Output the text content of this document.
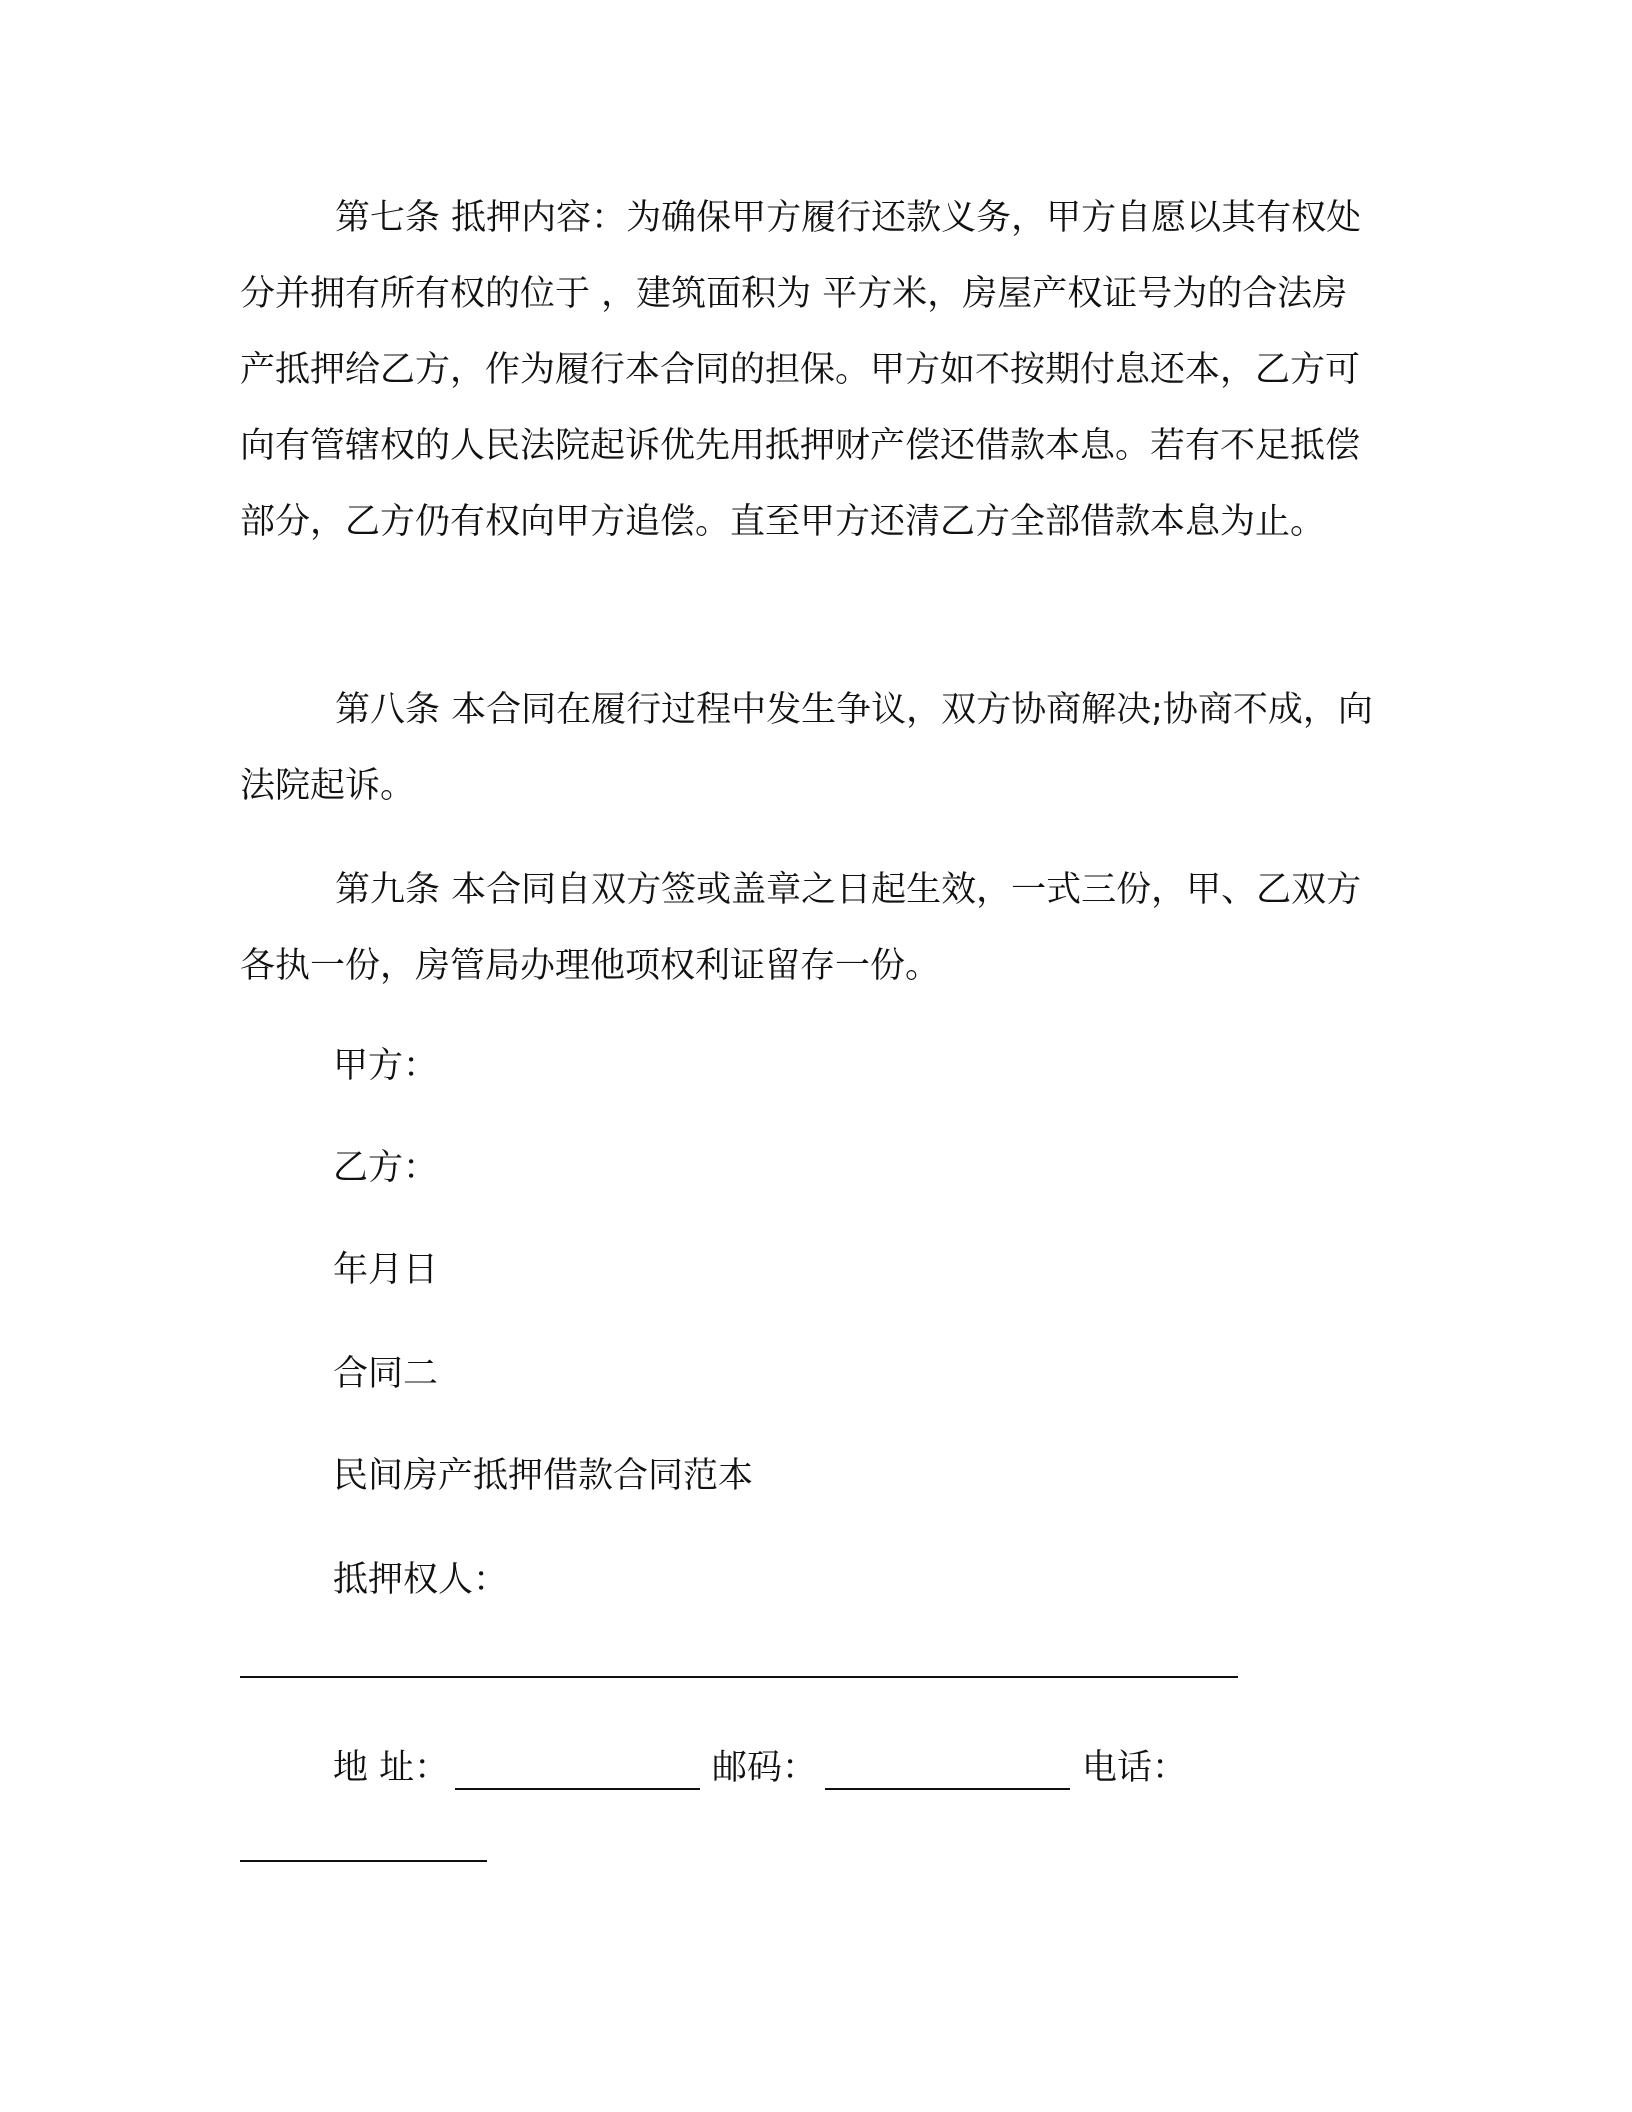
第七条 抵押内容：为确保甲方履行还款义务，甲方自愿以其有权处分并拥有所有权的位于 ，建筑面积为 平方米，房屋产权证号为的合法房产抵押给乙方，作为履行本合同的担保。甲方如不按期付息还本，乙方可向有管辖权的人民法院起诉优先用抵押财产偿还借款本息。若有不足抵偿部分，乙方仍有权向甲方追偿。直至甲方还清乙方全部借款本息为止。

第八条 本合同在履行过程中发生争议，双方协商解决;协商不成，向 法院起诉。

第九条 本合同自双方签或盖章之日起生效，一式三份，甲、乙双方各执一份，房管局办理他项权利证留存一份。

甲方：
乙方：
年月日
合同二
民间房产抵押借款合同范本
抵押权人：
地 址：	邮码：	电话：
